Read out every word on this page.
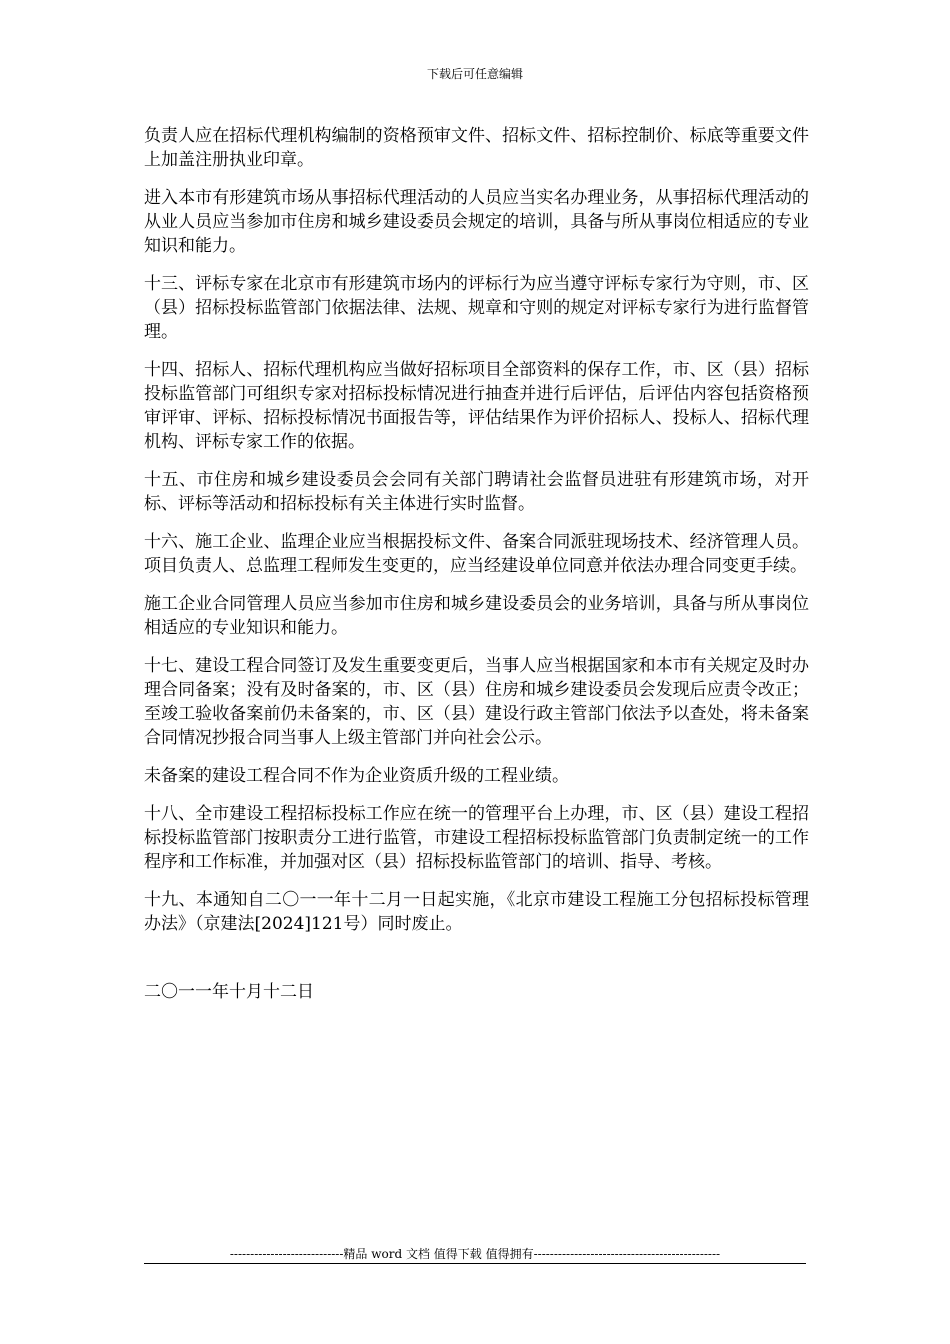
下载后可任意编辑

负责人应在招标代理机构编制的资格预审文件、招标文件、招标控制价、标底等重要文件上加盖注册执业印章。

进入本市有形建筑市场从事招标代理活动的人员应当实名办理业务，从事招标代理活动的从业人员应当参加市住房和城乡建设委员会规定的培训，具备与所从事岗位相适应的专业知识和能力。

十三、评标专家在北京市有形建筑市场内的评标行为应当遵守评标专家行为守则，市、区（县）招标投标监管部门依据法律、法规、规章和守则的规定对评标专家行为进行监督管理。

十四、招标人、招标代理机构应当做好招标项目全部资料的保存工作，市、区（县）招标投标监管部门可组织专家对招标投标情况进行抽查并进行后评估，后评估内容包括资格预审评审、评标、招标投标情况书面报告等，评估结果作为评价招标人、投标人、招标代理机构、评标专家工作的依据。

十五、市住房和城乡建设委员会会同有关部门聘请社会监督员进驻有形建筑市场，对开标、评标等活动和招标投标有关主体进行实时监督。

十六、施工企业、监理企业应当根据投标文件、备案合同派驻现场技术、经济管理人员。项目负责人、总监理工程师发生变更的，应当经建设单位同意并依法办理合同变更手续。

施工企业合同管理人员应当参加市住房和城乡建设委员会的业务培训，具备与所从事岗位相适应的专业知识和能力。

十七、建设工程合同签订及发生重要变更后，当事人应当根据国家和本市有关规定及时办理合同备案；没有及时备案的，市、区（县）住房和城乡建设委员会发现后应责令改正；至竣工验收备案前仍未备案的，市、区（县）建设行政主管部门依法予以查处，将未备案合同情况抄报合同当事人上级主管部门并向社会公示。

未备案的建设工程合同不作为企业资质升级的工程业绩。

十八、全市建设工程招标投标工作应在统一的管理平台上办理，市、区（县）建设工程招标投标监管部门按职责分工进行监管，市建设工程招标投标监管部门负责制定统一的工作程序和工作标准，并加强对区（县）招标投标监管部门的培训、指导、考核。

十九、本通知自二〇一一年十二月一日起实施，《北京市建设工程施工分包招标投标管理办法》（京建法[2024]121号）同时废止。

二〇一一年十月十二日
----------------------------精品 word 文档 值得下载 值得拥有----------------------------------------------
